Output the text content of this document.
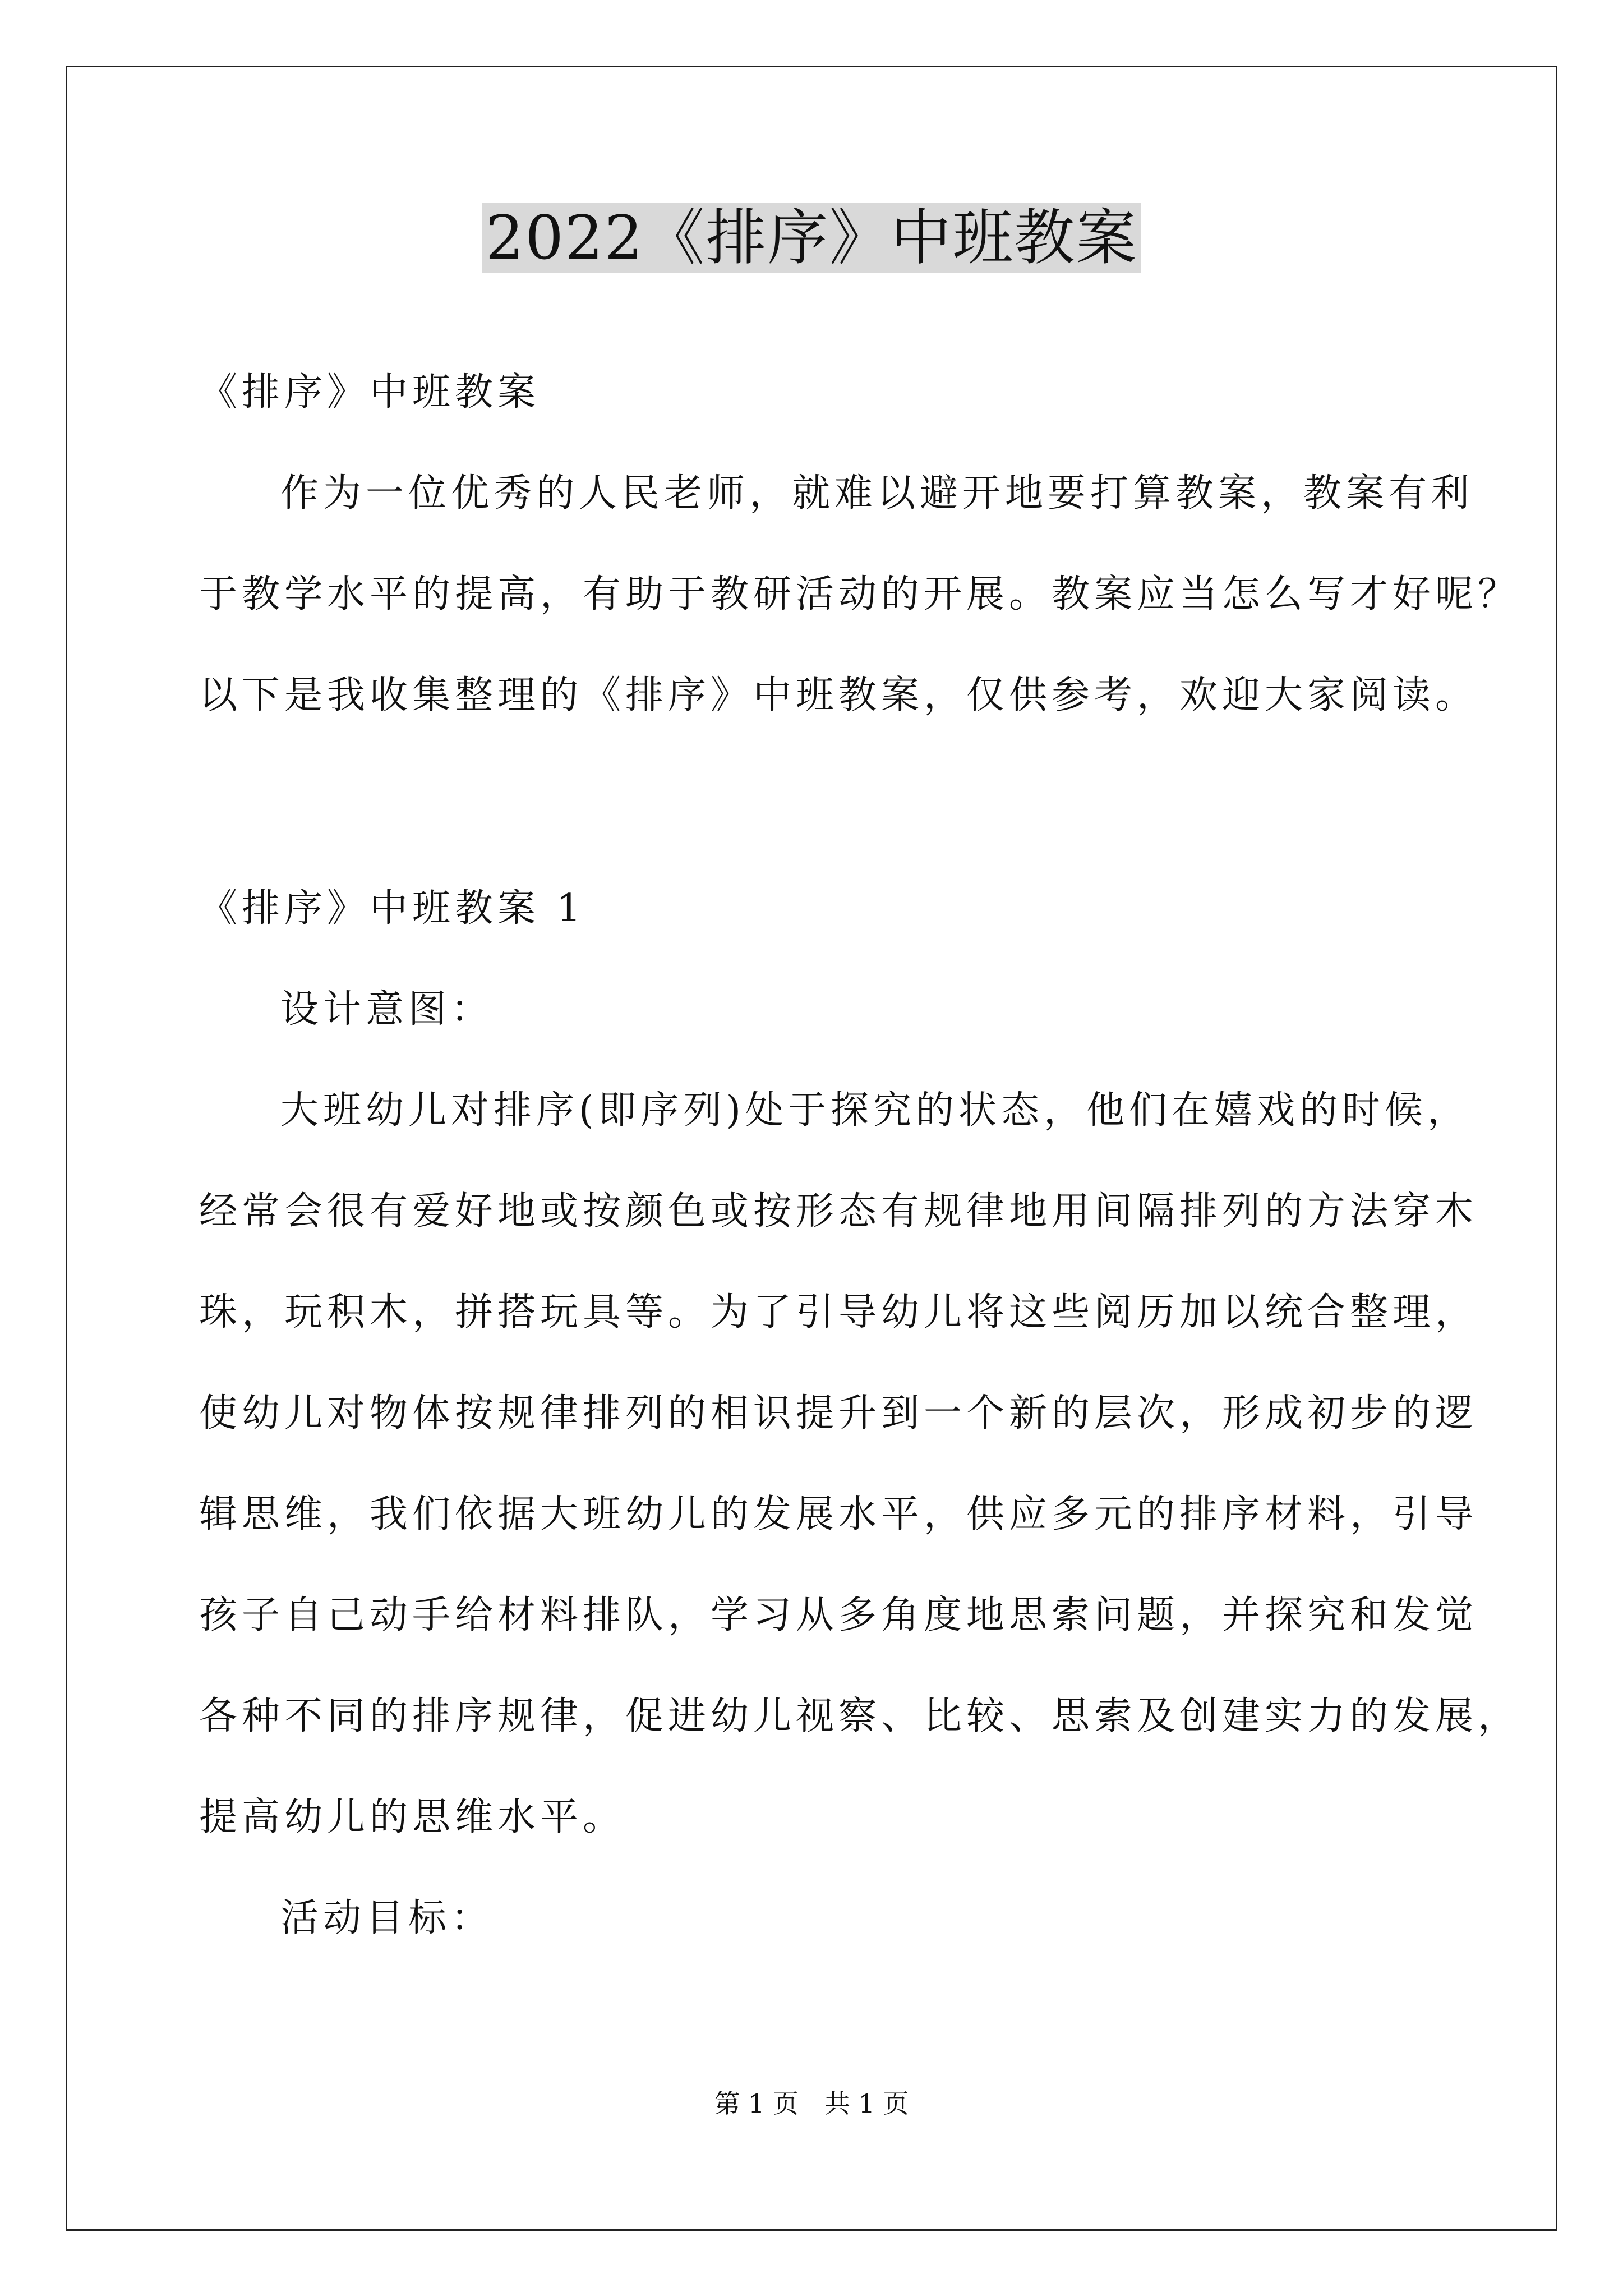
2022《排序》中班教案
《排序》中班教案
作为一位优秀的人民老师，就难以避开地要打算教案，教案有利
于教学水平的提高，有助于教研活动的开展。教案应当怎么写才好呢？
以下是我收集整理的《排序》中班教案，仅供参考，欢迎大家阅读。
《排序》中班教案 1
设计意图：
大班幼儿对排序(即序列)处于探究的状态，他们在嬉戏的时候，
经常会很有爱好地或按颜色或按形态有规律地用间隔排列的方法穿木
珠，玩积木，拼搭玩具等。为了引导幼儿将这些阅历加以统合整理，
使幼儿对物体按规律排列的相识提升到一个新的层次，形成初步的逻
辑思维，我们依据大班幼儿的发展水平，供应多元的排序材料，引导
孩子自己动手给材料排队，学习从多角度地思索问题，并探究和发觉
各种不同的排序规律，促进幼儿视察、比较、思索及创建实力的发展，
提高幼儿的思维水平。
活动目标：
第 1 页　共 1 页
